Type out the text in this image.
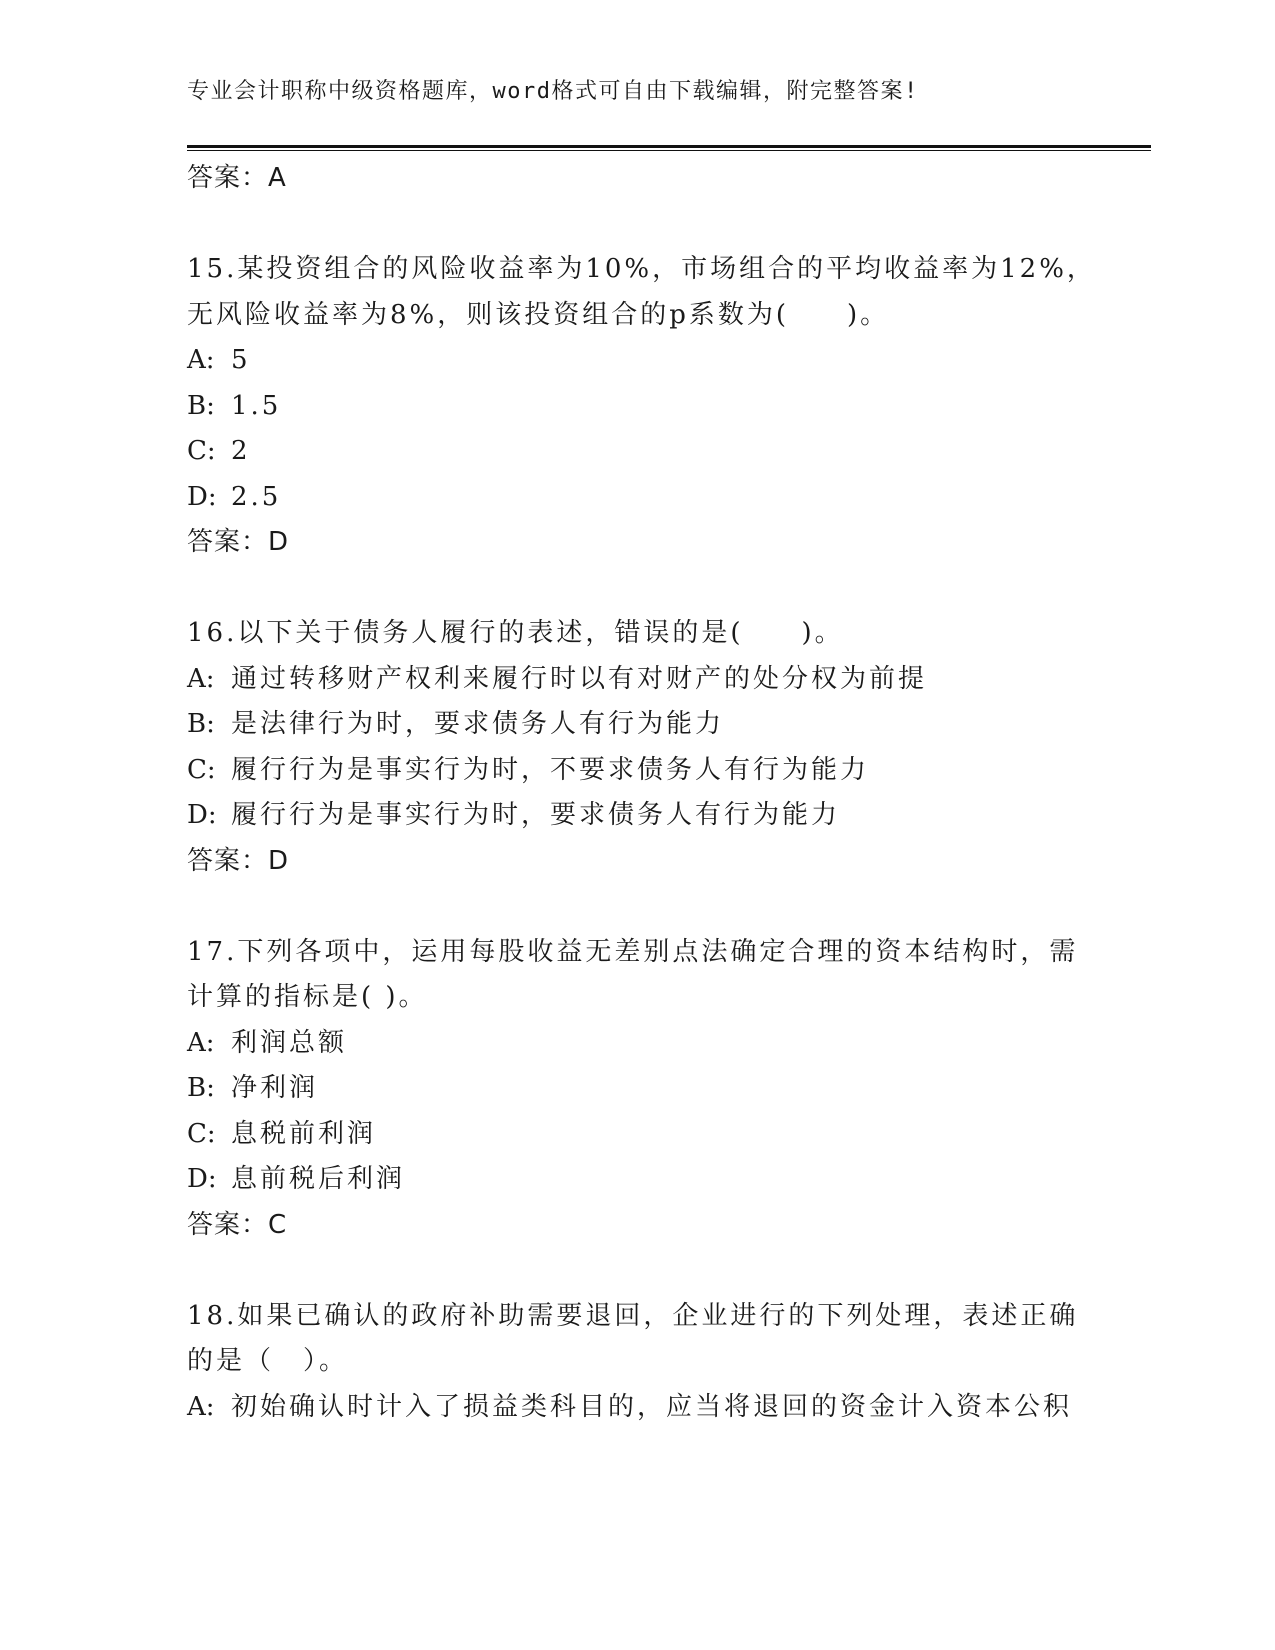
专业会计职称中级资格题库，word格式可自由下载编辑，附完整答案!
答案：A
15.某投资组合的风险收益率为10%，市场组合的平均收益率为12%，
无风险收益率为8%，则该投资组合的p系数为(　　)。
A: 5
B: 1.5
C: 2
D: 2.5
答案：D
16.以下关于债务人履行的表述，错误的是(　　)。
A: 通过转移财产权利来履行时以有对财产的处分权为前提
B: 是法律行为时，要求债务人有行为能力
C: 履行行为是事实行为时，不要求债务人有行为能力
D: 履行行为是事实行为时，要求债务人有行为能力
答案：D
17.下列各项中，运用每股收益无差别点法确定合理的资本结构时，需
计算的指标是( )。
A: 利润总额
B: 净利润
C: 息税前利润
D: 息前税后利润
答案：C
18.如果已确认的政府补助需要退回，企业进行的下列处理，表述正确
的是（　）。
A: 初始确认时计入了损益类科目的，应当将退回的资金计入资本公积
